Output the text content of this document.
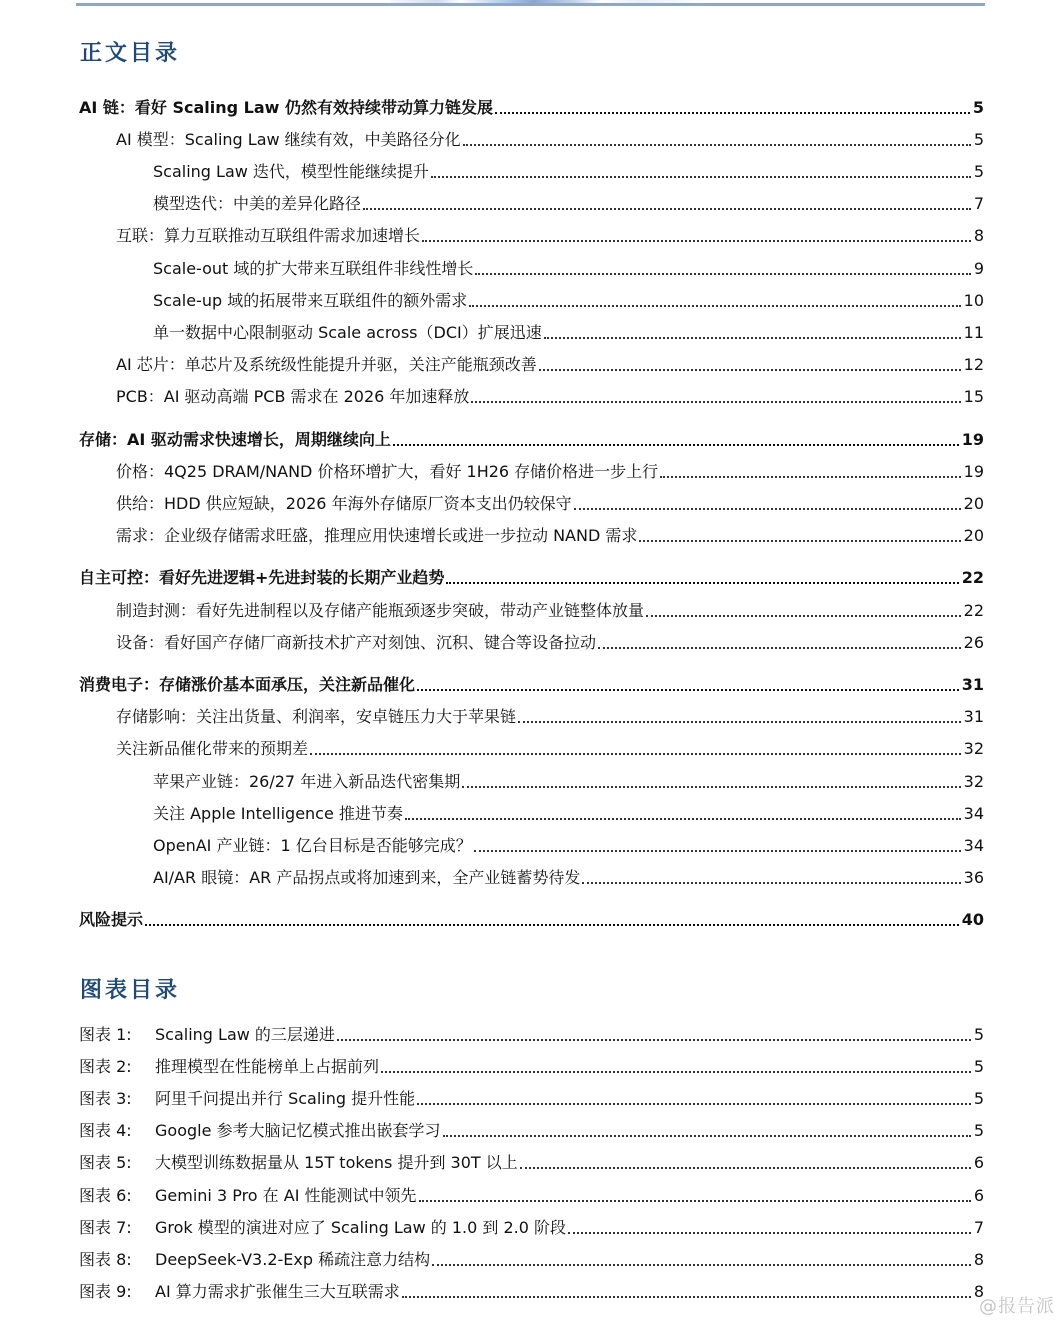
正文目录
AI 链：看好 Scaling Law 仍然有效持续带动算力链发展	5
AI 模型：Scaling Law 继续有效，中美路径分化	5
Scaling Law 迭代，模型性能继续提升	5
模型迭代：中美的差异化路径	7
互联：算力互联推动互联组件需求加速增长	8
Scale-out 域的扩大带来互联组件非线性增长	9
Scale-up 域的拓展带来互联组件的额外需求	10
单一数据中心限制驱动 Scale across（DCI）扩展迅速	11
AI 芯片：单芯片及系统级性能提升并驱，关注产能瓶颈改善	12
PCB：AI 驱动高端 PCB 需求在 2026 年加速释放	15
存储：AI 驱动需求快速增长，周期继续向上	19
价格：4Q25 DRAM/NAND 价格环增扩大，看好 1H26 存储价格进一步上行	19
供给：HDD 供应短缺，2026 年海外存储原厂资本支出仍较保守	20
需求：企业级存储需求旺盛，推理应用快速增长或进一步拉动 NAND 需求	20
自主可控：看好先进逻辑+先进封装的长期产业趋势	22
制造封测：看好先进制程以及存储产能瓶颈逐步突破，带动产业链整体放量	22
设备：看好国产存储厂商新技术扩产对刻蚀、沉积、键合等设备拉动	26
消费电子：存储涨价基本面承压，关注新品催化	31
存储影响：关注出货量、利润率，安卓链压力大于苹果链	31
关注新品催化带来的预期差	32
苹果产业链：26/27 年进入新品迭代密集期	32
关注 Apple Intelligence 推进节奏	34
OpenAI 产业链：1 亿台目标是否能够完成？	34
AI/AR 眼镜：AR 产品拐点或将加速到来，全产业链蓄势待发	36
风险提示	40
图表目录
图表 1:	Scaling Law 的三层递进	5
图表 2:	推理模型在性能榜单上占据前列	5
图表 3:	阿里千问提出并行 Scaling 提升性能	5
图表 4:	Google 参考大脑记忆模式推出嵌套学习	5
图表 5:	大模型训练数据量从 15T tokens 提升到 30T 以上	6
图表 6:	Gemini 3 Pro 在 AI 性能测试中领先	6
图表 7:	Grok 模型的演进对应了 Scaling Law 的 1.0 到 2.0 阶段	7
图表 8:	DeepSeek-V3.2-Exp 稀疏注意力结构	8
图表 9:	AI 算力需求扩张催生三大互联需求	8
@报告派
